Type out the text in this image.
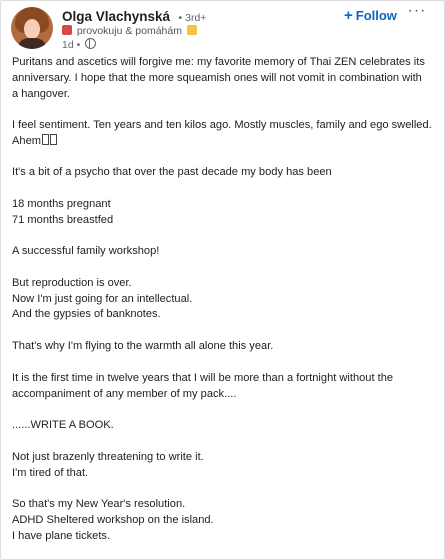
Olga Vlachynská • 3rd+
provokuju & pomáhám
1d •
+ Follow ···
Puritans and ascetics will forgive me: my favorite memory of Thai ZEN celebrates its
anniversary. I hope that the more squeamish ones will not vomit in combination with
a hangover.
I feel sentiment. Ten years and ten kilos ago. Mostly muscles, family and ego swelled.
Ahem
It's a bit of a psycho that over the past decade my body has been
18 months pregnant
71 months breastfed
A successful family workshop!
But reproduction is over.
Now I'm just going for an intellectual.
And the gypsies of banknotes.
That's why I'm flying to the warmth all alone this year.
It is the first time in twelve years that I will be more than a fortnight without the
accompaniment of any member of my pack....
......WRITE A BOOK.
Not just brazenly threatening to write it.
I'm tired of that.
So that's my New Year's resolution.
ADHD Sheltered workshop on the island.
I have plane tickets.
